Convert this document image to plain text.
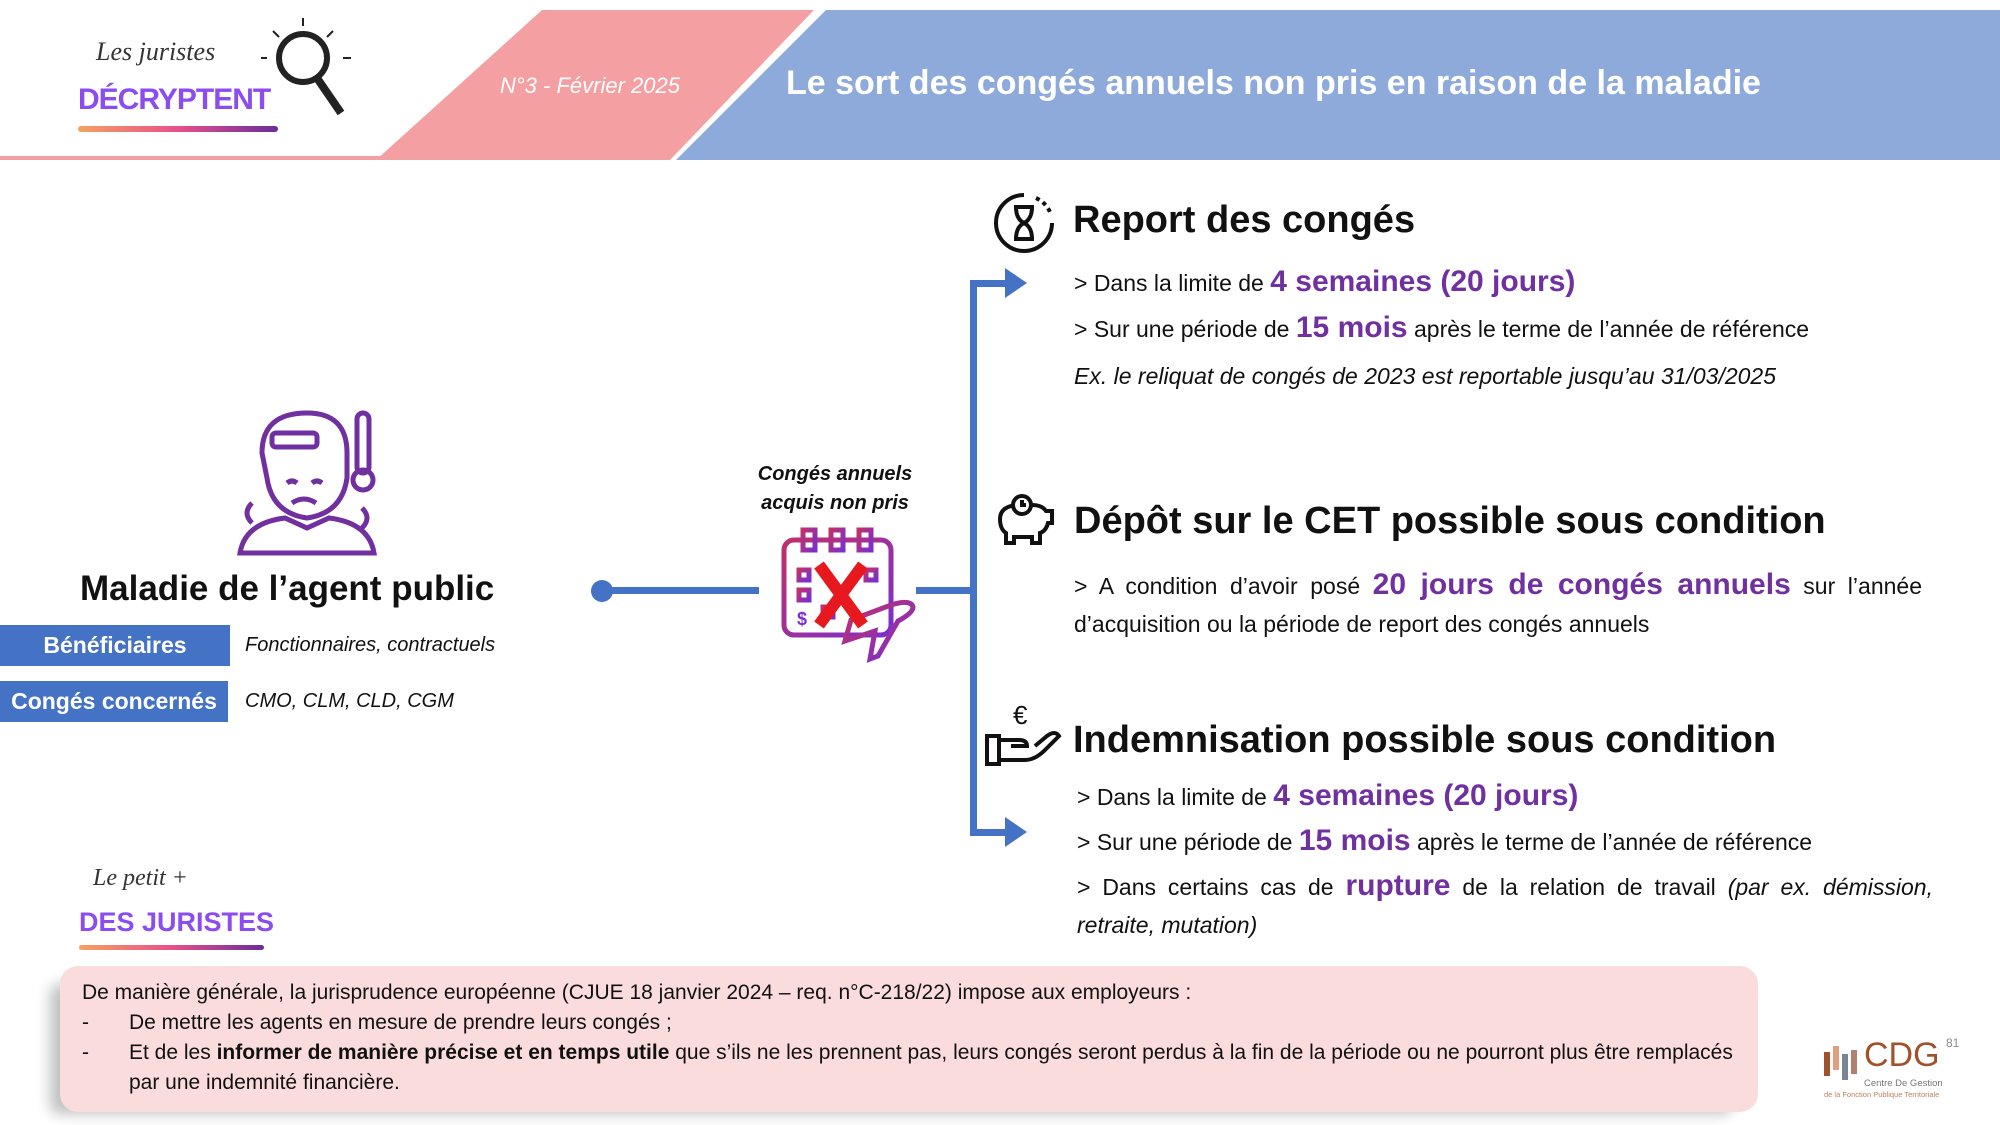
Les juristes
DÉCRYPTENT	N°3 - Février 2025	Le sort des congés annuels non pris en raison de la maladie
Maladie de l’agent public
Bénéficiaires	Fonctionnaires, contractuels
Congés concernés	CMO, CLM, CLD, CGM
Congés annuels
acquis non pris
$
Report des congés
> Dans la limite de 4 semaines (20 jours)
> Sur une période de 15 mois après le terme de l’année de référence
Ex. le reliquat de congés de 2023 est reportable jusqu’au 31/03/2025
Dépôt sur le CET possible sous condition
> A condition d’avoir posé 20 jours de congés annuels sur l’année d’acquisition ou la période de report des congés annuels
€
Indemnisation possible sous condition
> Dans la limite de 4 semaines (20 jours)
> Sur une période de 15 mois après le terme de l’année de référence
> Dans certains cas de rupture de la relation de travail (par ex. démission, retraite, mutation)
Le petit +
DES JURISTES
De manière générale, la jurisprudence européenne (CJUE 18 janvier 2024 – req. n°C-218/22) impose aux employeurs :
-	De mettre les agents en mesure de prendre leurs congés ;
-	Et de les informer de manière précise et en temps utile que s’ils ne les prennent pas, leurs congés seront perdus à la fin de la période ou ne pourront plus être remplacés par une indemnité financière.
CDG 81
Centre De Gestion
de la Fonction Publique Territoriale
